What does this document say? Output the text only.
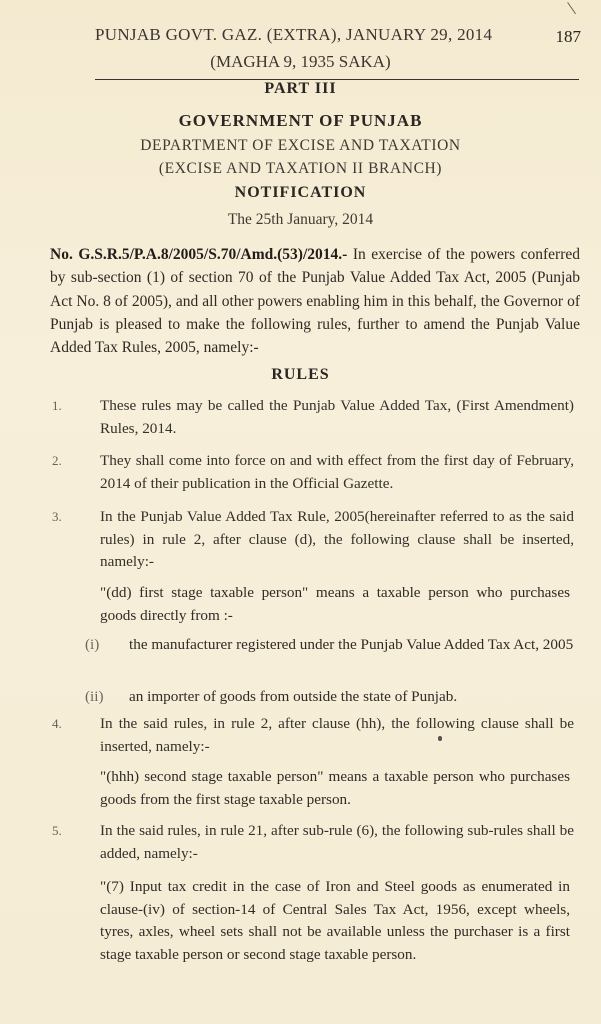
PUNJAB GOVT. GAZ. (EXTRA), JANUARY 29, 2014	187
(MAGHA 9, 1935 SAKA)
PART III
GOVERNMENT OF PUNJAB
DEPARTMENT OF EXCISE AND TAXATION
(EXCISE AND TAXATION II BRANCH)
NOTIFICATION
The 25th January, 2014
No. G.S.R.5/P.A.8/2005/S.70/Amd.(53)/2014.- In exercise of the powers conferred by sub-section (1) of section 70 of the Punjab Value Added Tax Act, 2005 (Punjab Act No. 8 of 2005), and all other powers enabling him in this behalf, the Governor of Punjab is pleased to make the following rules, further to amend the Punjab Value Added Tax Rules, 2005, namely:-
RULES
1.	These rules may be called the Punjab Value Added Tax, (First Amendment) Rules, 2014.
2.	They shall come into force on and with effect from the first day of February, 2014 of their publication in the Official Gazette.
3.	In the Punjab Value Added Tax Rule, 2005(hereinafter referred to as the said rules) in rule 2, after clause (d), the following clause shall be inserted, namely:-
"(dd) first stage taxable person" means a taxable person who purchases goods directly from :-
(i) the manufacturer registered under the Punjab Value Added Tax Act, 2005
(ii) an importer of goods from outside the state of Punjab.
4.	In the said rules, in rule 2, after clause (hh), the following clause shall be inserted, namely:-
"(hhh) second stage taxable person" means a taxable person who purchases goods from the first stage taxable person.
5.	In the said rules, in rule 21, after sub-rule (6), the following sub-rules shall be added, namely:-
"(7) Input tax credit in the case of Iron and Steel goods as enumerated in clause-(iv) of section-14 of Central Sales Tax Act, 1956, except wheels, tyres, axles, wheel sets shall not be available unless the purchaser is a first stage taxable person or second stage taxable person.
